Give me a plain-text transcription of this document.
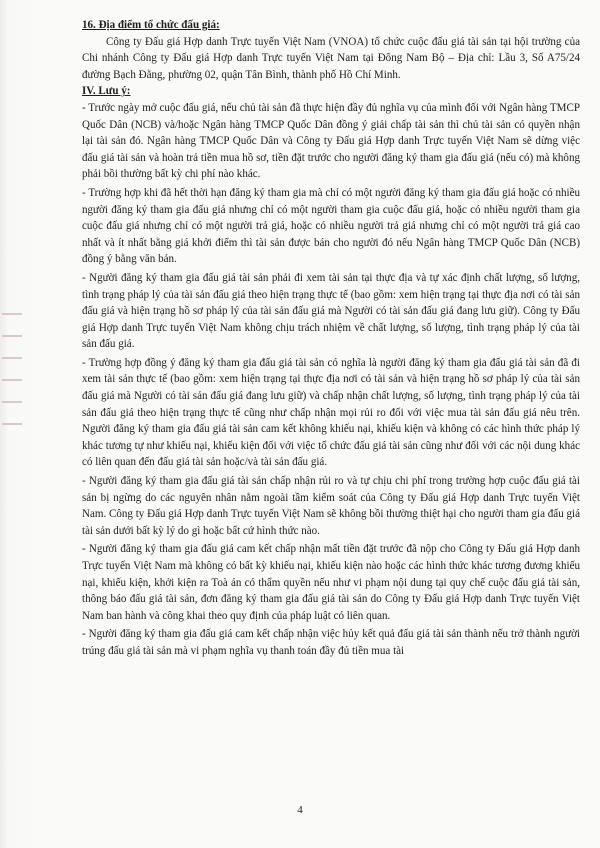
16. Địa điểm tổ chức đấu giá:

Công ty Đấu giá Hợp danh Trực tuyến Việt Nam (VNOA) tổ chức cuộc đấu giá tài sản tại hội trường của Chi nhánh Công ty Đấu giá Hợp danh Trực tuyến Việt Nam tại Đông Nam Bộ – Địa chỉ: Lầu 3, Số A75/24 đường Bạch Đằng, phường 02, quận Tân Bình, thành phố Hồ Chí Minh.

IV. Lưu ý:

- Trước ngày mở cuộc đấu giá, nếu chủ tài sản đã thực hiện đầy đủ nghĩa vụ của mình đối với Ngân hàng TMCP Quốc Dân (NCB) và/hoặc Ngân hàng TMCP Quốc Dân đồng ý giải chấp tài sản thì chủ tài sản có quyền nhận lại tài sản đó. Ngân hàng TMCP Quốc Dân và Công ty Đấu giá Hợp danh Trực tuyến Việt Nam sẽ dừng việc đấu giá tài sản và hoàn trả tiền mua hồ sơ, tiền đặt trước cho người đăng ký tham gia đấu giá (nếu có) mà không phải bồi thường bất kỳ chi phí nào khác.

- Trường hợp khi đã hết thời hạn đăng ký tham gia mà chỉ có một người đăng ký tham gia đấu giá hoặc có nhiều người đăng ký tham gia đấu giá nhưng chỉ có một người tham gia cuộc đấu giá, hoặc có nhiều người tham gia cuộc đấu giá nhưng chỉ có một người trả giá, hoặc có nhiều người trả giá nhưng chỉ có một người trả giá cao nhất và ít nhất bằng giá khởi điểm thì tài sản được bán cho người đó nếu Ngân hàng TMCP Quốc Dân (NCB) đồng ý bằng văn bản.

- Người đăng ký tham gia đấu giá tài sản phải đi xem tài sản tại thực địa và tự xác định chất lượng, số lượng, tình trạng pháp lý của tài sản đấu giá theo hiện trạng thực tế (bao gồm: xem hiện trạng tại thực địa nơi có tài sản đấu giá và hiện trạng hồ sơ pháp lý của tài sản đấu giá mà Người có tài sản đấu giá đang lưu giữ). Công ty Đấu giá Hợp danh Trực tuyến Việt Nam không chịu trách nhiệm về chất lượng, số lượng, tình trạng pháp lý của tài sản đấu giá.

- Trường hợp đồng ý đăng ký tham gia đấu giá tài sản có nghĩa là người đăng ký tham gia đấu giá tài sản đã đi xem tài sản thực tế (bao gồm: xem hiện trạng tại thực địa nơi có tài sản và hiện trạng hồ sơ pháp lý của tài sản đấu giá mà Người có tài sản đấu giá đang lưu giữ) và chấp nhận chất lượng, số lượng, tình trạng pháp lý của tài sản đấu giá theo hiện trạng thực tế cũng như chấp nhận mọi rủi ro đối với việc mua tài sản đấu giá nêu trên. Người đăng ký tham gia đấu giá tài sản cam kết không khiếu nại, khiếu kiện và không có các hình thức pháp lý khác tương tự như khiếu nại, khiếu kiện đối với việc tổ chức đấu giá tài sản cũng như đối với các nội dung khác có liên quan đến đấu giá tài sản hoặc/và tài sản đấu giá.

- Người đăng ký tham gia đấu giá tài sản chấp nhận rủi ro và tự chịu chi phí trong trường hợp cuộc đấu giá tài sản bị ngừng do các nguyên nhân nằm ngoài tầm kiểm soát của Công ty Đấu giá Hợp danh Trực tuyến Việt Nam. Công ty Đấu giá Hợp danh Trực tuyến Việt Nam sẽ không bồi thường thiệt hại cho người tham gia đấu giá tài sản dưới bất kỳ lý do gì hoặc bất cứ hình thức nào.

- Người đăng ký tham gia đấu giá cam kết chấp nhận mất tiền đặt trước đã nộp cho Công ty Đấu giá Hợp danh Trực tuyến Việt Nam mà không có bất kỳ khiếu nại, khiếu kiện nào hoặc các hình thức khác tương đương khiếu nại, khiếu kiện, khởi kiện ra Toà án có thẩm quyền nếu như vi phạm nội dung tại quy chế cuộc đấu giá tài sản, thông báo đấu giá tài sản, đơn đăng ký tham gia đấu giá tài sản do Công ty Đấu giá Hợp danh Trực tuyến Việt Nam ban hành và công khai theo quy định của pháp luật có liên quan.

- Người đăng ký tham gia đấu giá cam kết chấp nhận việc hủy kết quả đấu giá tài sản thành nếu trở thành người trúng đấu giá tài sản mà vi phạm nghĩa vụ thanh toán đầy đủ tiền mua tài

4
